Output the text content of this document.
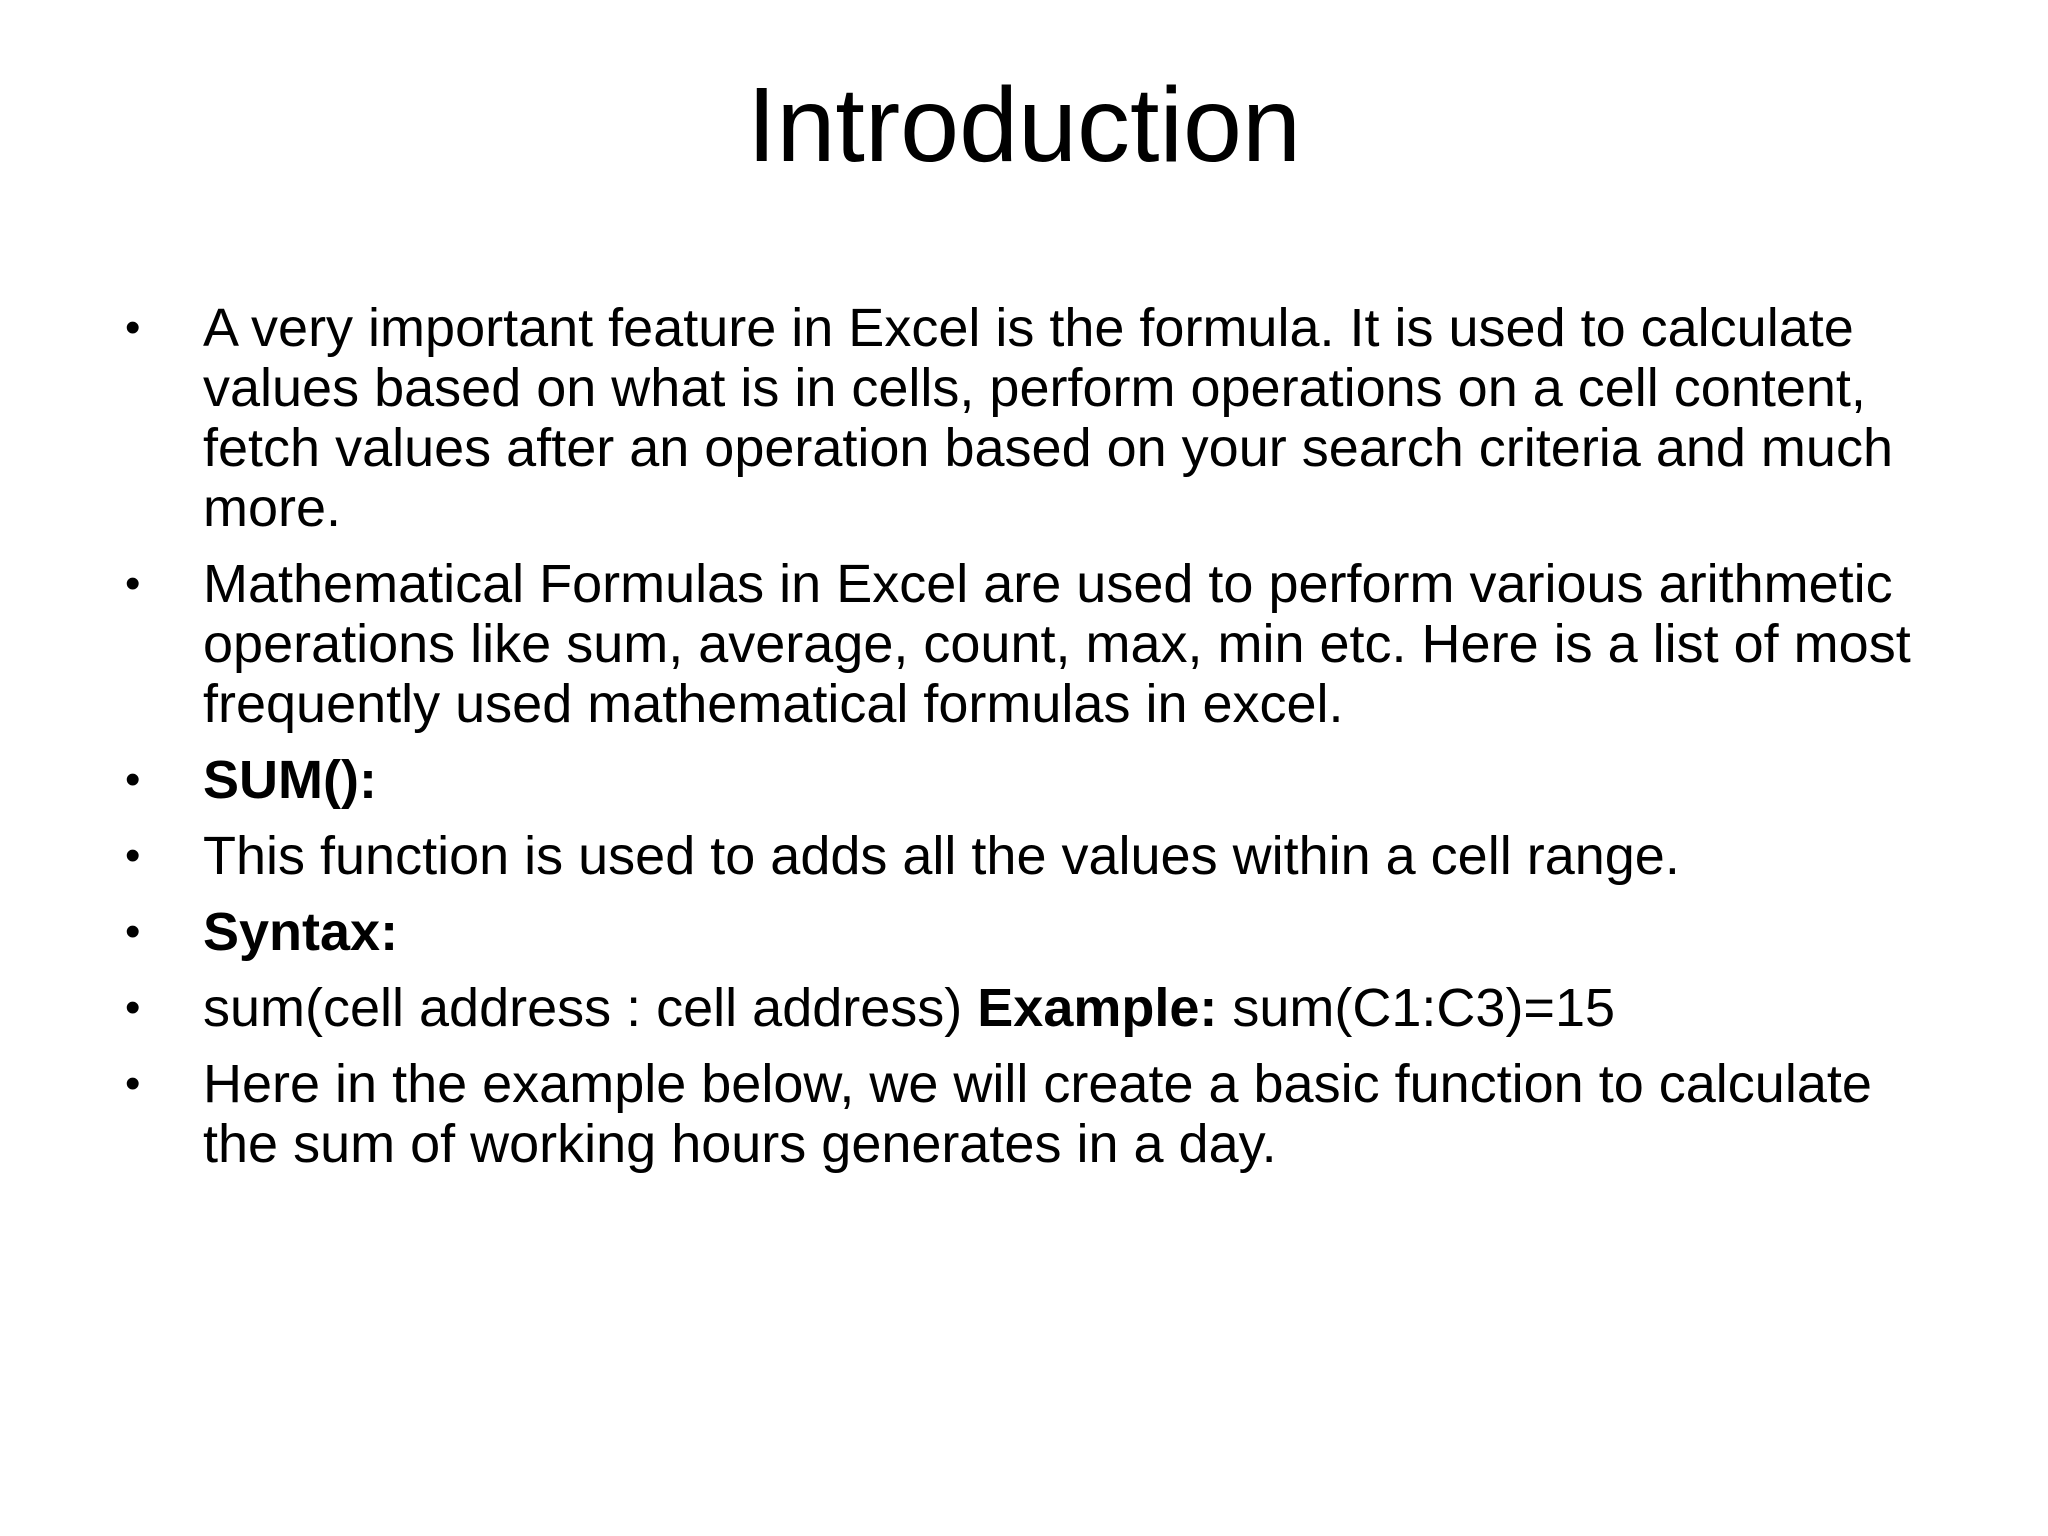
Introduction
• A very important feature in Excel is the formula. It is used to calculate values based on what is in cells, perform operations on a cell content, fetch values after an operation based on your search criteria and much more.
• Mathematical Formulas in Excel are used to perform various arithmetic operations like sum, average, count, max, min etc. Here is a list of most frequently used mathematical formulas in excel.
• SUM():
• This function is used to adds all the values within a cell range.
• Syntax:
• sum(cell address : cell address) Example: sum(C1:C3)=15
• Here in the example below, we will create a basic function to calculate the sum of working hours generates in a day.
